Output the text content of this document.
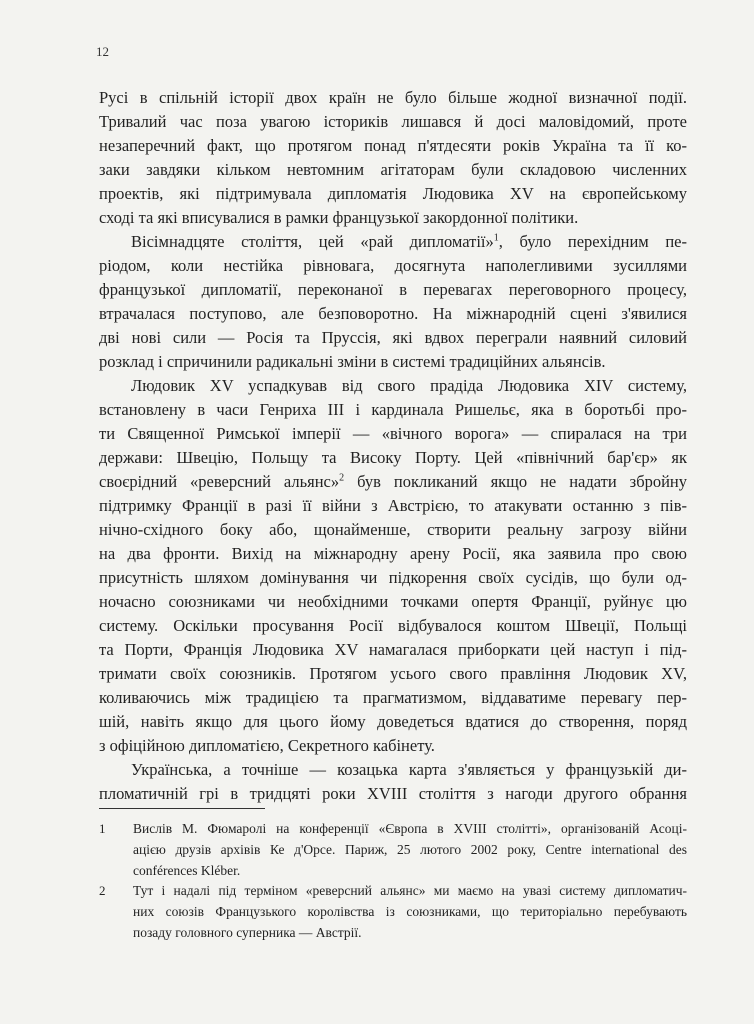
12
Русі в спільній історії двох країн не було більше жодної визначної події.
Тривалий час поза увагою істориків лишався й досі маловідомий, проте
незаперечний факт, що протягом понад п'ятдесяти років Україна та її ко-
заки завдяки кільком невтомним агітаторам були складовою численних
проектів, які підтримувала дипломатія Людовика XV на європейському
сході та які вписувалися в рамки французької закордонної політики.
Вісімнадцяте століття, цей «рай дипломатії»$^1$, було перехідним пе-
ріодом, коли нестійка рівновага, досягнута наполегливими зусиллями
французької дипломатії, переконаної в перевагах переговорного процесу,
втрачалася поступово, але безповоротно. На міжнародній сцені з'явилися
дві нові сили — Росія та Пруссія, які вдвох переграли наявний силовий
розклад і спричинили радикальні зміни в системі традиційних альянсів.
Людовик XV успадкував від свого прадіда Людовика XIV систему,
встановлену в часи Генриха III і кардинала Ришельє, яка в боротьбі про-
ти Священної Римської імперії — «вічного ворога» — спиралася на три
держави: Швецію, Польщу та Високу Порту. Цей «північний бар'єр» як
своєрідний «реверсний альянс»$^2$ був покликаний якщо не надати збройну
підтримку Франції в разі її війни з Австрією, то атакувати останню з пів-
нічно-східного боку або, щонайменше, створити реальну загрозу війни
на два фронти. Вихід на міжнародну арену Росії, яка заявила про свою
присутність шляхом домінування чи підкорення своїх сусідів, що були од-
ночасно союзниками чи необхідними точками опертя Франції, руйнує цю
систему. Оскільки просування Росії відбувалося коштом Швеції, Польщі
та Порти, Франція Людовика XV намагалася приборкати цей наступ і під-
тримати своїх союзників. Протягом усього свого правління Людовик XV,
коливаючись між традицією та прагматизмом, віддаватиме перевагу пер-
шій, навіть якщо для цього йому доведеться вдатися до створення, поряд
з офіційною дипломатією, Секретного кабінету.
Українська, а точніше — козацька карта з'являється у французькій ди-
пломатичній грі в тридцяті роки XVIII століття з нагоди другого обрання
1 Вислів М. Фюмаролі на конференції «Європа в XVIII столітті», організованій Асоці-
ацією друзів архівів Ке д'Орсе. Париж, 25 лютого 2002 року, Centre international des
conférences Kléber.
2 Тут і надалі під терміном «реверсний альянс» ми маємо на увазі систему дипломатич-
них союзів Французького королівства із союзниками, що територіально перебувають
позаду головного суперника — Австрії.
